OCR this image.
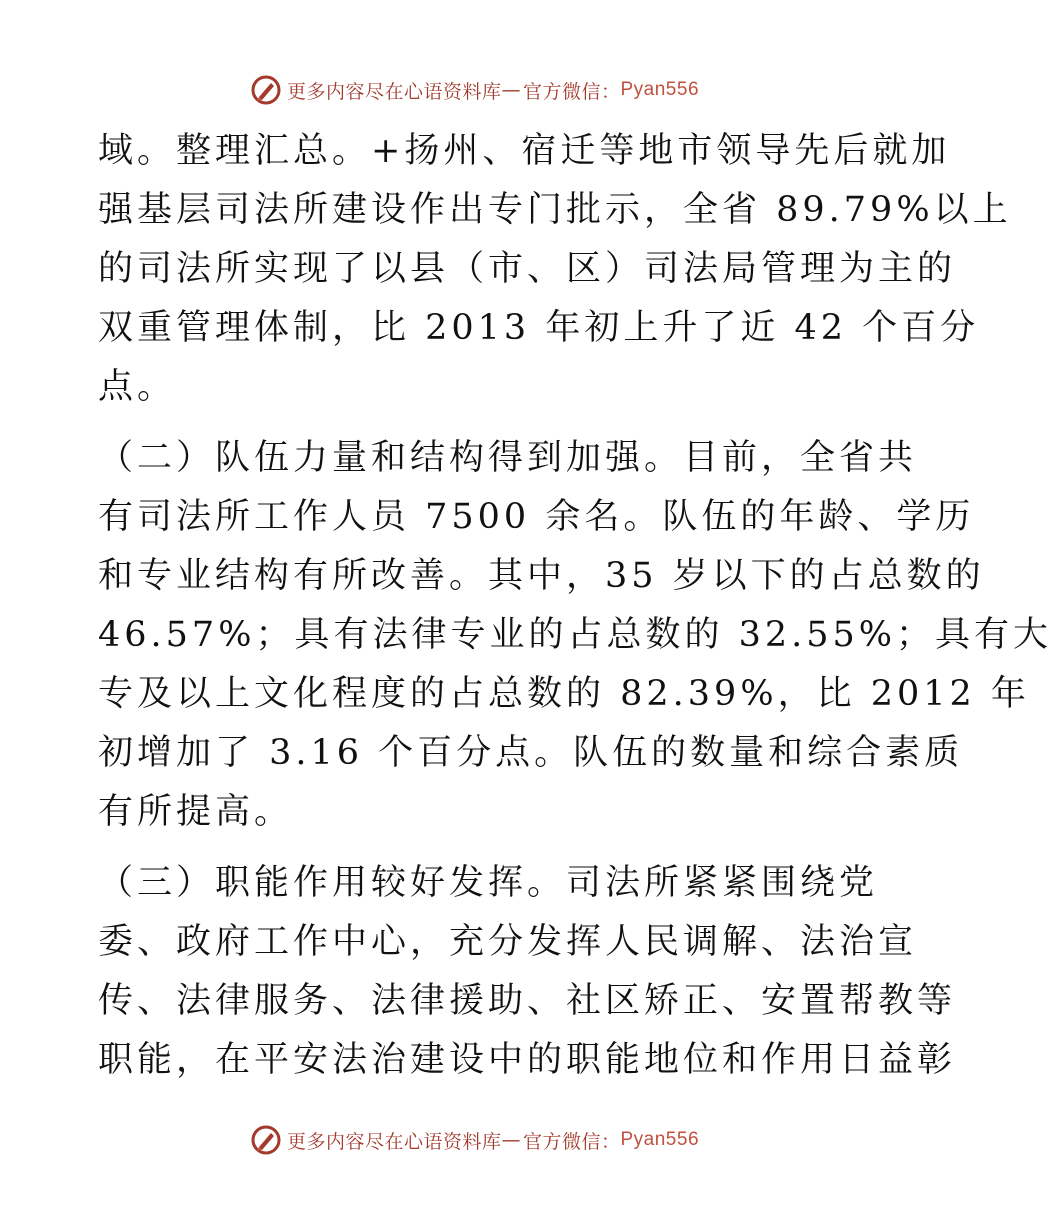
更多内容尽在心语资料库 — 官方微信： Pyan556
域。整理汇总。+扬州、宿迁等地市领导先后就加
强基层司法所建设作出专门批示，全省 89.79%以上
的司法所实现了以县（市、区）司法局管理为主的
双重管理体制，比 2013 年初上升了近 42 个百分
点。
（二）队伍力量和结构得到加强。目前，全省共
有司法所工作人员 7500 余名。队伍的年龄、学历
和专业结构有所改善。其中，35 岁以下的占总数的
46.57%；具有法律专业的占总数的 32.55%；具有大
专及以上文化程度的占总数的 82.39%，比 2012 年
初增加了 3.16 个百分点。队伍的数量和综合素质
有所提高。
（三）职能作用较好发挥。司法所紧紧围绕党
委、政府工作中心，充分发挥人民调解、法治宣
传、法律服务、法律援助、社区矫正、安置帮教等
职能，在平安法治建设中的职能地位和作用日益彰
更多内容尽在心语资料库 — 官方微信： Pyan556
